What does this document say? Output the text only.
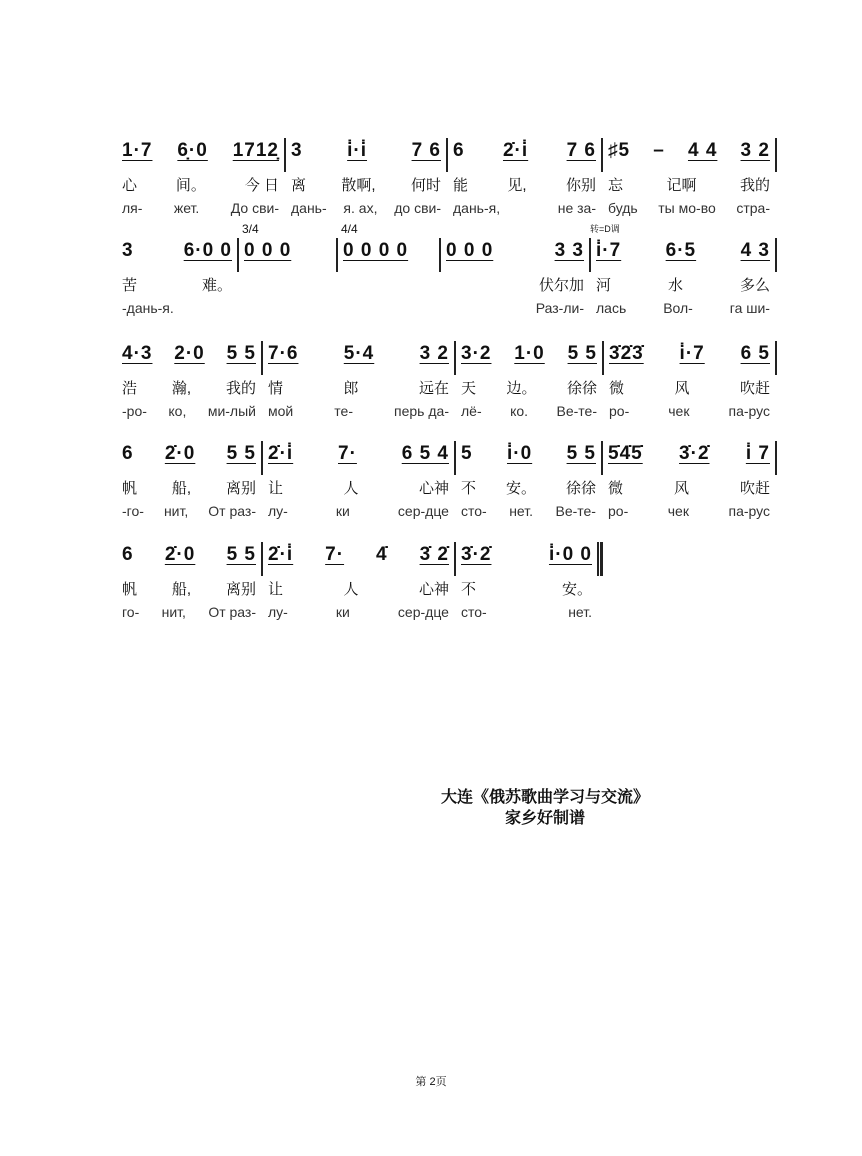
1·7 6̣·0 1712̣
心	间。	今 日
ля- жет. До сви-
3 i̇·i̇ 7 6
离 散啊, 何时
дань- я. ах, до сви-
6 2̇·i̇ 7 6
能	见,	你别
дань-я,	не за-
♯5 – 4 4 3 2
忘	记啊	我的
будь ты мо-во стра-
3	6·0 0
苦	难。
-дань-я.
3/4
0 0 0
4/4
0 0 0 0 0 0 0	3 3
伏尔加
Раз-ли-
转=D调
i̇·7 6·5 4 3
河	水	多么
лась	Вол-	га ши-
4·3 2·0 5 5
浩 瀚, 我的
-ро- ко, ми-лый
7·6 5·4 3 2
情	郎	远在
мой	те-	перь да-
3·2 1·0 5 5
天 边。 徐徐
лё- ко. Ве-те-
3̇2̇3̇ i̇·7 6 5
微	风	吹赶
ро-	чек	па-рус
6 2̇·0 5 5
帆 船, 离别
-го- нит, От раз-
2̇·i̇ 7· 6 5 4
让	人	心神
лу-	ки	сер-дце
5 i̇·0 5 5
不 安。 徐徐
сто- нет. Ве-те-
5̇4̇5̇ 3̇·2̇ i̇ 7
微	风	吹赶
ро-	чек	па-рус
6 2̇·0 5 5
帆 船, 离别
го- нит, От раз-
2̇·i̇ 7· 4̇ 3̇ 2̇
让	人	心神
лу-	ки	сер-дце
3̇·2̇	i̇·0 0
不	安。
сто-	нет.
大连《俄苏歌曲学习与交流》
家乡好制谱
第 2页
